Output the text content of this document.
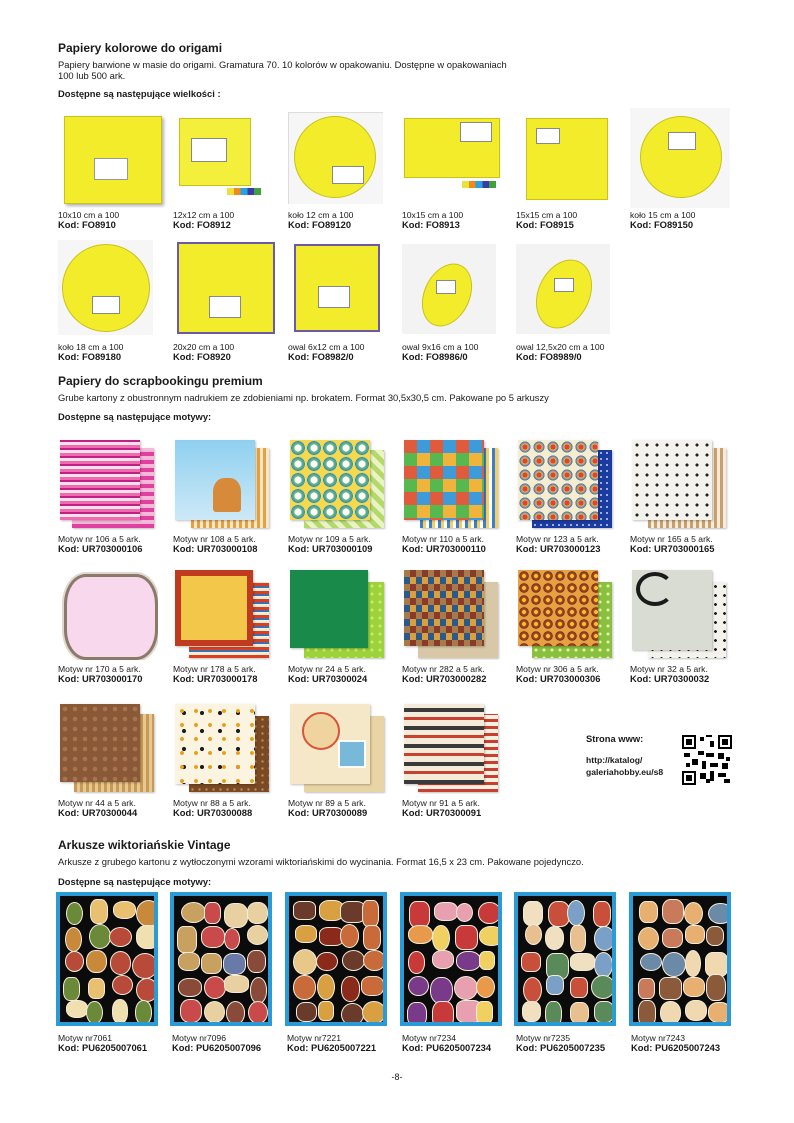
Papiery kolorowe do origami
Papiery barwione w masie do origami. Gramatura 70. 10 kolorów w opakowaniu. Dostępne w opakowaniach
100 lub 500 ark.
Dostępne są następujące wielkości :
10x10 cm a 100
Kod: FO8910
12x12 cm a 100
Kod: FO8912
koło 12 cm a 100
Kod: FO89120
10x15 cm a 100
Kod: FO8913
15x15 cm a 100
Kod: FO8915
koło 15 cm a 100
Kod: FO89150
koło 18 cm a 100
Kod: FO89180
20x20 cm a 100
Kod: FO8920
owal 6x12 cm a 100
Kod: FO8982/0
owal 9x16 cm a 100
Kod: FO8986/0
owal 12,5x20 cm a 100
Kod: FO8989/0
Papiery do scrapbookingu premium
Grube kartony z obustronnym nadrukiem ze zdobieniami np. brokatem. Format 30,5x30,5 cm. Pakowane po 5 arkuszy
Dostępne są następujące motywy:
Motyw nr 106 a 5 ark.
Kod: UR703000106
Motyw nr 108 a 5 ark.
Kod: UR703000108
Motyw nr 109 a 5 ark.
Kod: UR703000109
Motyw nr 110 a 5 ark.
Kod: UR703000110
Motyw nr 123 a 5 ark.
Kod: UR703000123
Motyw nr 165 a 5 ark.
Kod: UR703000165
Motyw nr 170 a 5 ark.
Kod: UR703000170
Motyw nr 178 a 5 ark.
Kod: UR703000178
Motyw nr 24 a 5 ark.
Kod: UR70300024
Motyw nr 282 a 5 ark.
Kod: UR703000282
Motyw nr 306 a 5 ark.
Kod: UR703000306
Motyw nr 32 a 5 ark.
Kod: UR70300032
Strona www:
http://katalog/
galeriahobby.eu/s8
Motyw nr 44 a 5 ark.
Kod: UR70300044
Motyw nr 88 a 5 ark.
Kod: UR70300088
Motyw nr 89 a 5 ark.
Kod: UR70300089
Motyw nr 91 a 5 ark.
Kod: UR70300091
Arkusze wiktoriańskie Vintage
Arkusze z grubego kartonu z wytłoczonymi wzorami wiktoriańskimi do wycinania. Format 16,5 x 23 cm. Pakowane pojedynczo.
Dostępne są następujące motywy:
Motyw nr7061
Kod: PU6205007061
Motyw nr7096
Kod: PU6205007096
Motyw nr7221
Kod: PU6205007221
Motyw nr7234
Kod: PU6205007234
Motyw nr7235
Kod: PU6205007235
Motyw nr7243
Kod: PU6205007243
-8-
